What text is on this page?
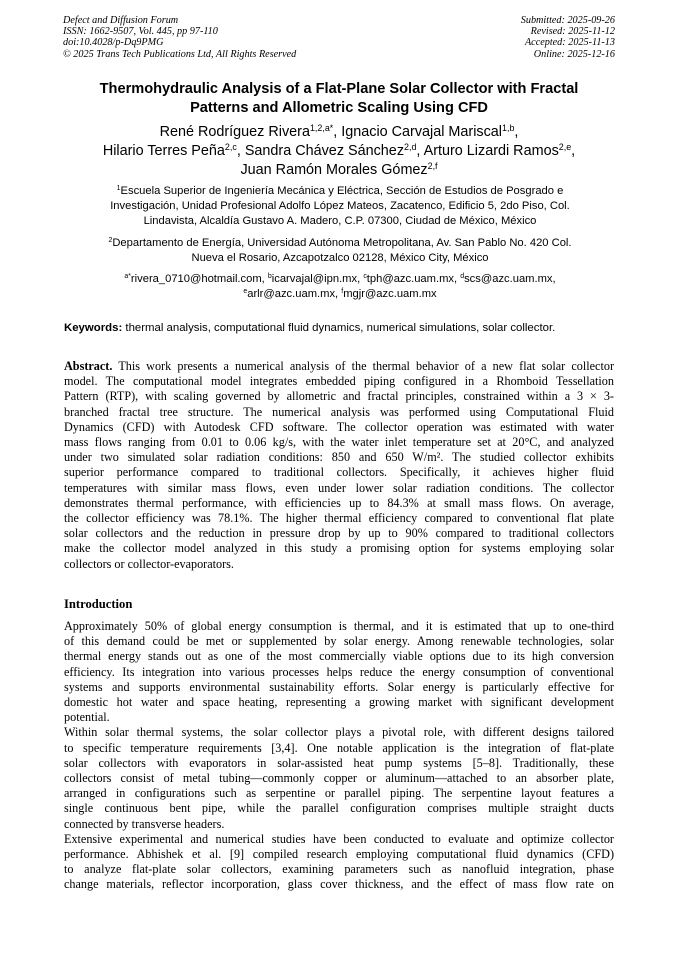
Defect and Diffusion Forum
ISSN: 1662-9507, Vol. 445, pp 97-110
doi:10.4028/p-Dq9PMG
© 2025 Trans Tech Publications Ltd, All Rights Reserved
Submitted: 2025-09-26
Revised: 2025-11-12
Accepted: 2025-11-13
Online: 2025-12-16
Thermohydraulic Analysis of a Flat-Plane Solar Collector with Fractal
Patterns and Allometric Scaling Using CFD
René Rodríguez Rivera$^{1,2,a*}$, Ignacio Carvajal Mariscal$^{1,b}$,
Hilario Terres Peña$^{2,c}$, Sandra Chávez Sánchez$^{2,d}$, Arturo Lizardi Ramos$^{2,e}$,
Juan Ramón Morales Gómez$^{2,f}$
$^1$Escuela Superior de Ingeniería Mecánica y Eléctrica, Sección de Estudios de Posgrado e
Investigación, Unidad Profesional Adolfo López Mateos, Zacatenco, Edificio 5, 2do Piso, Col.
Lindavista, Alcaldía Gustavo A. Madero, C.P. 07300, Ciudad de México, México
$^2$Departamento de Energía, Universidad Autónoma Metropolitana, Av. San Pablo No. 420 Col.
Nueva el Rosario, Azcapotzalco 02128, México City, México
$^{a*}$rivera_0710@hotmail.com, $^b$icarvajal@ipn.mx, $^c$tph@azc.uam.mx, $^d$scs@azc.uam.mx,
$^e$arlr@azc.uam.mx, $^f$mgjr@azc.uam.mx
Keywords: thermal analysis, computational fluid dynamics, numerical simulations, solar collector.
Abstract. This work presents a numerical analysis of the thermal behavior of a new flat solar collector
model. The computational model integrates embedded piping configured in a Rhomboid Tessellation
Pattern (RTP), with scaling governed by allometric and fractal principles, constrained within a 3 × 3-
branched fractal tree structure. The numerical analysis was performed using Computational Fluid
Dynamics (CFD) with Autodesk CFD software. The collector operation was estimated with water
mass flows ranging from 0.01 to 0.06 kg/s, with the water inlet temperature set at 20°C, and analyzed
under two simulated solar radiation conditions: 850 and 650 W/m². The studied collector exhibits
superior performance compared to traditional collectors. Specifically, it achieves higher fluid
temperatures with similar mass flows, even under lower solar radiation conditions. The collector
demonstrates thermal performance, with efficiencies up to 84.3% at small mass flows. On average,
the collector efficiency was 78.1%. The higher thermal efficiency compared to conventional flat plate
solar collectors and the reduction in pressure drop by up to 90% compared to traditional collectors
make the collector model analyzed in this study a promising option for systems employing solar
collectors or collector-evaporators.
Introduction
Approximately 50% of global energy consumption is thermal, and it is estimated that up to one-third
of this demand could be met or supplemented by solar energy. Among renewable technologies, solar
thermal energy stands out as one of the most commercially viable options due to its high conversion
efficiency. Its integration into various processes helps reduce the energy consumption of conventional
systems and supports environmental sustainability efforts. Solar energy is particularly effective for
domestic hot water and space heating, representing a growing market with significant development
potential.
Within solar thermal systems, the solar collector plays a pivotal role, with different designs tailored
to specific temperature requirements [3,4]. One notable application is the integration of flat-plate
solar collectors with evaporators in solar-assisted heat pump systems [5–8]. Traditionally, these
collectors consist of metal tubing—commonly copper or aluminum—attached to an absorber plate,
arranged in configurations such as serpentine or parallel piping. The serpentine layout features a
single continuous bent pipe, while the parallel configuration comprises multiple straight ducts
connected by transverse headers.
Extensive experimental and numerical studies have been conducted to evaluate and optimize collector
performance. Abhishek et al. [9] compiled research employing computational fluid dynamics (CFD)
to analyze flat-plate solar collectors, examining parameters such as nanofluid integration, phase
change materials, reflector incorporation, glass cover thickness, and the effect of mass flow rate on
